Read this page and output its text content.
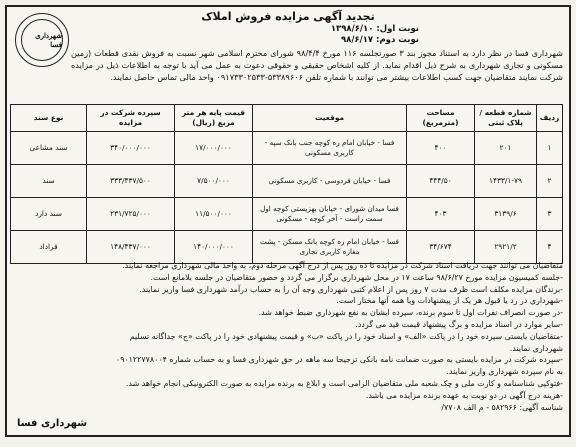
شهرداری فسا
تجدید آگهی مزایده فروش املاک
نوبت اول: ۱۳۹۸/۶/۱۰
نوبت دوم: ۹۸/۶/۱۷
شهرداری فسا در نظر دارد به استناد مجوز بند ۳ صورتجلسه ۱۱۶ مورخ ۹۸/۴/۴ شورای محترم اسلامی شهر نسبت به فروش نقدی قطعات (زمین مسکونی و تجاری شهرداری به شرح ذیل اقدام نماید. از کلیه اشخاص حقیقی و حقوقی دعوت به عمل می آید با توجه به اطلاعات ذیل در مزایده شرکت نمایند متقاضیان جهت کسب اطلاعات بیشتر می توانند با شماره تلفن ۵۳۳۸۹۶۰۶-۰۹۱۷۳۳۰۲۵۳۳ واحد مالی تماس حاصل نمایند.
ردیف	شماره قطعه / پلاک ثبتی	مساحت (مترمربع)	موقعیت	قیمت پایه هر متر مربع (ریال)	سپرده شرکت در مزایده	نوع سند
۱	۲۰۱	۴۰۰	فسا - خیابان امام ره کوچه جنب بانک سپه - کاربری مسکونی	۱۷/۰۰۰/۰۰۰	۳۴۰/۰۰۰/۰۰۰	سند مشاعی
۲	۱۴۳۳/۱-۷۹	۴۴۴/۵۰	فسا - خیابان فردوسی - کاربری مسکونی	۷/۵۰۰/۰۰۰	۳۳۳/۴۳۷/۵۰۰	سند
۳	۳۱۳۹/۶	۴۰۳	فسا میدان شورای - خیابان بهزیستی کوچه اول سمت راست - آخر کوچه - مسکونی	۱۱/۵۰۰/۰۰۰	۲۳۱/۷۲۵/۰۰۰	سند دارد
۴	۲۹۲۱/۲	۳۴/۶۷۴	فسا - خیابان امام ره کوچه بانک مسکن - پشت مغازه کاربری تجاری	۱۴۰/۰۰۰/۰۰۰	۱۴۸/۴۳۷/۰۰۰	قراداد
متقاضیان می توانند جهت دریافت اسناد شرکت در مزایده تا ده روز پس از درج آگهی مرحله دوم، به واحد مالی شهرداری مراجعه نمایند.
-جلسه کمیسیون مزایده مورخ ۹۸/۶/۲۷ ساعت ۱۷ در محل شهرداری برگزار می گردد و حضور متقاضیان در جلسه بلامانع است.
-برندگان مزایده مکلف است ظرف مدت ۷ روز پس از اعلام کتبی شهرداری وجه آن را به حساب درآمد شهرداری فسا واریز نمایند.
-شهرداری در رد یا قبول هر یک از پیشنهادات ویا همه آنها مختار است.
-در صورت انصراف نفرات اول تا سوم برنده، سپرده ایشان به نفع شهرداری ضبط خواهد شد.
-سایر موارد در اسناد مزایده و برگ پیشنهاد قیمت قید می گردد.
-متقاضیان بایستی سپرده خود را در پاکت «الف» و اسناد خود را در پاکت «ب» و قیمت پیشنهادی خود را در پاکت «ج» جداگانه تسلیم
شهرداری نمایند.
-سپرده شرکت در مزایده بایستی به صورت ضمانت نامه بانکی ترجیحا سه ماهه در حق شهرداری فسا و به حساب شماره ۰۹۰۱۲۲۷۷۸۰۰۴
به نام سپرده شهرداری واریز نمایند.
-فتوکپی شناسنامه و کارت ملی و چک شعبه ملی متقاضیان الزامی است و ابلاغ به برنده مزایده به صورت الکترونیکی انجام خواهد شد.
-هزینه درج آگهی در دو نوبت به عهده برنده مزایده می باشد.
شناسه آگهی: ۵۸۲۹۶۶ - م الف ۷۷۰۸/
شهرداری فسا
